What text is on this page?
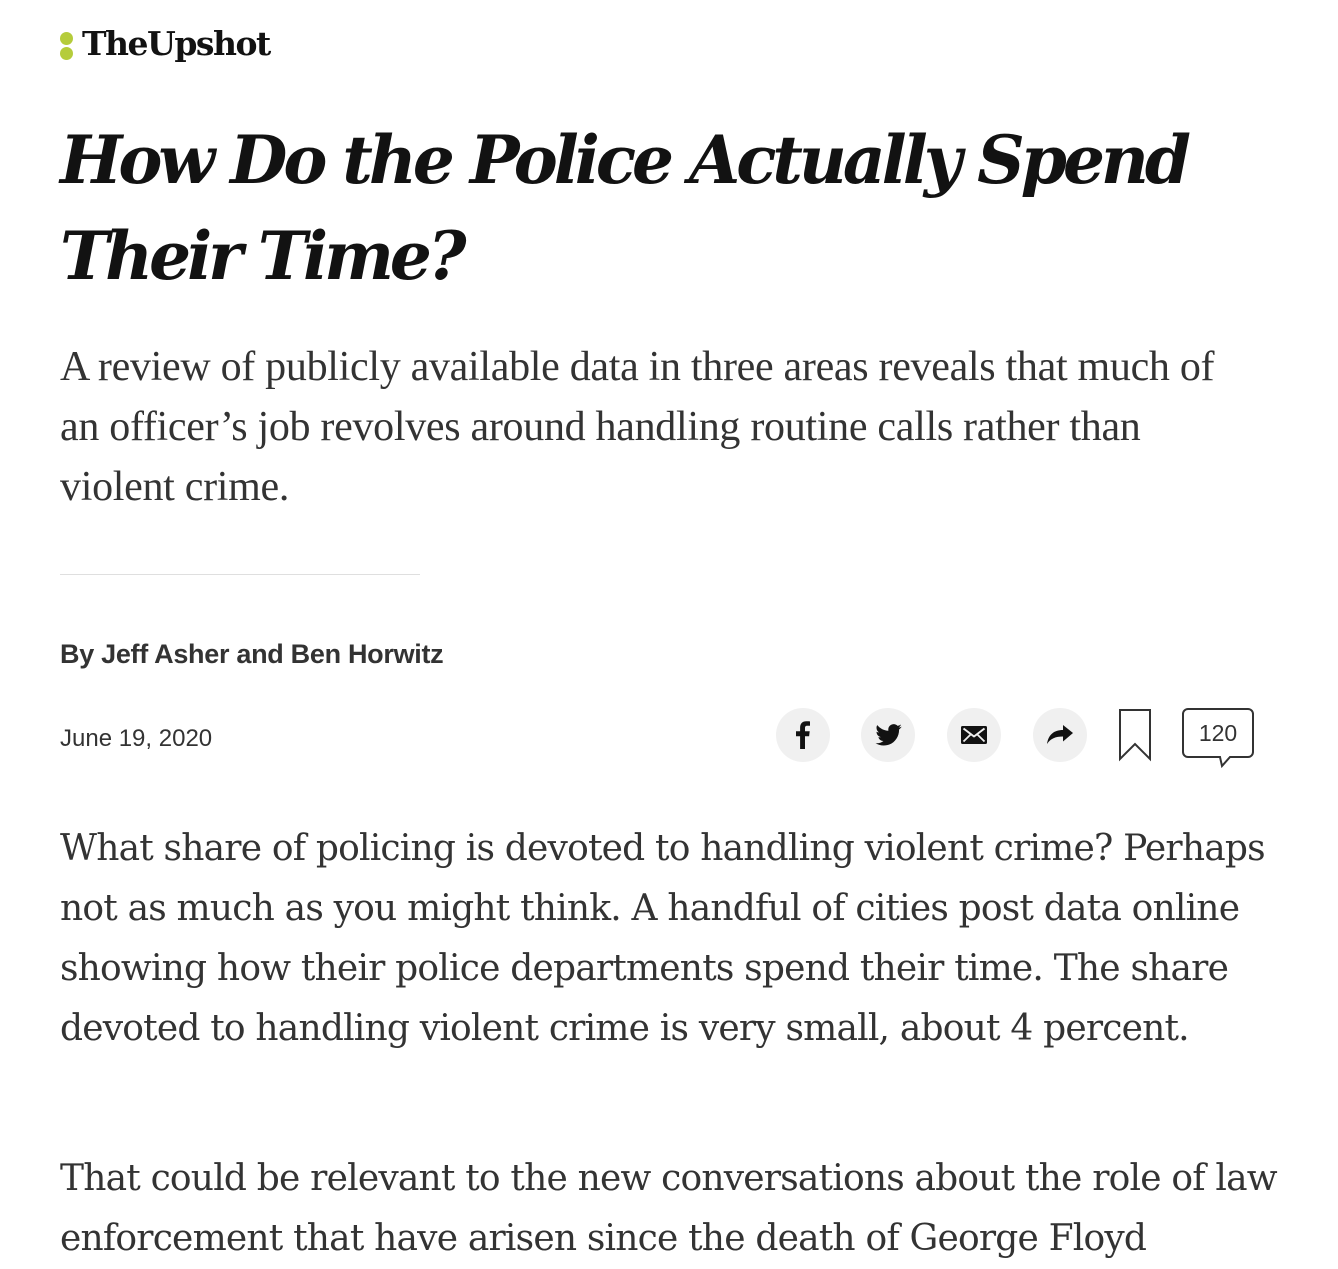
TheUpshot
How Do the Police Actually Spend Their Time?

A review of publicly available data in three areas reveals that much of an officer’s job revolves around handling routine calls rather than violent crime.

By Jeff Asher and Ben Horwitz

June 19, 2020	120

What share of policing is devoted to handling violent crime? Perhaps not as much as you might think. A handful of cities post data online showing how their police departments spend their time. The share devoted to handling violent crime is very small, about 4 percent.

That could be relevant to the new conversations about the role of law enforcement that have arisen since the death of George Floyd
